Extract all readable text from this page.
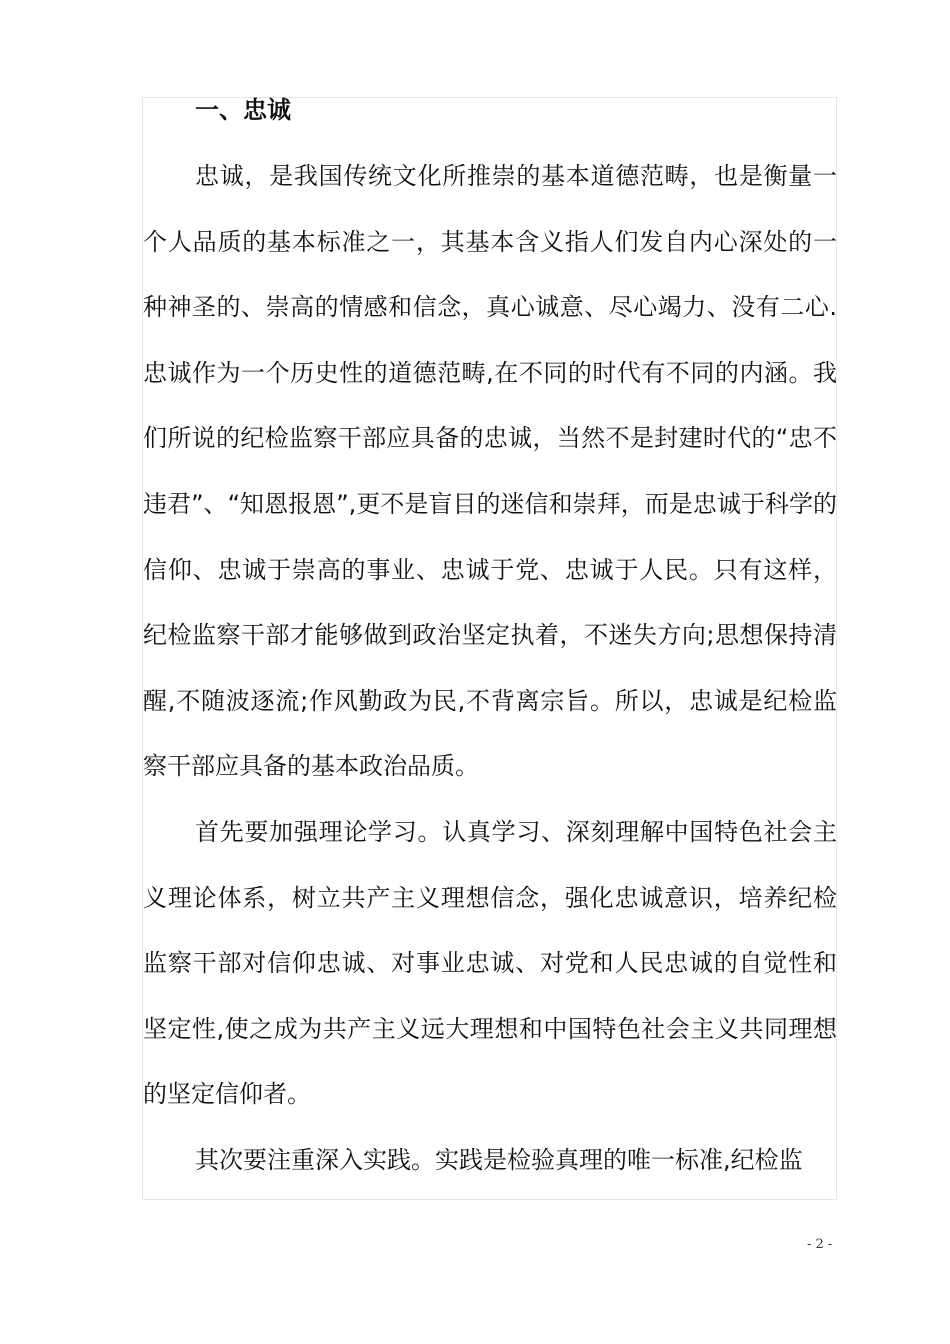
一、忠诚

忠诚，是我国传统文化所推崇的基本道德范畴，也是衡量一个人品质的基本标准之一，其基本含义指人们发自内心深处的一种神圣的、崇高的情感和信念，真心诚意、尽心竭力、没有二心.忠诚作为一个历史性的道德范畴,在不同的时代有不同的内涵。我们所说的纪检监察干部应具备的忠诚，当然不是封建时代的“忠不违君”、“知恩报恩”,更不是盲目的迷信和崇拜，而是忠诚于科学的信仰、忠诚于崇高的事业、忠诚于党、忠诚于人民。只有这样，纪检监察干部才能够做到政治坚定执着，不迷失方向;思想保持清醒,不随波逐流;作风勤政为民,不背离宗旨。所以，忠诚是纪检监察干部应具备的基本政治品质。

首先要加强理论学习。认真学习、深刻理解中国特色社会主义理论体系，树立共产主义理想信念，强化忠诚意识，培养纪检监察干部对信仰忠诚、对事业忠诚、对党和人民忠诚的自觉性和坚定性,使之成为共产主义远大理想和中国特色社会主义共同理想的坚定信仰者。

其次要注重深入实践。实践是检验真理的唯一标准,纪检监

- 2 -
